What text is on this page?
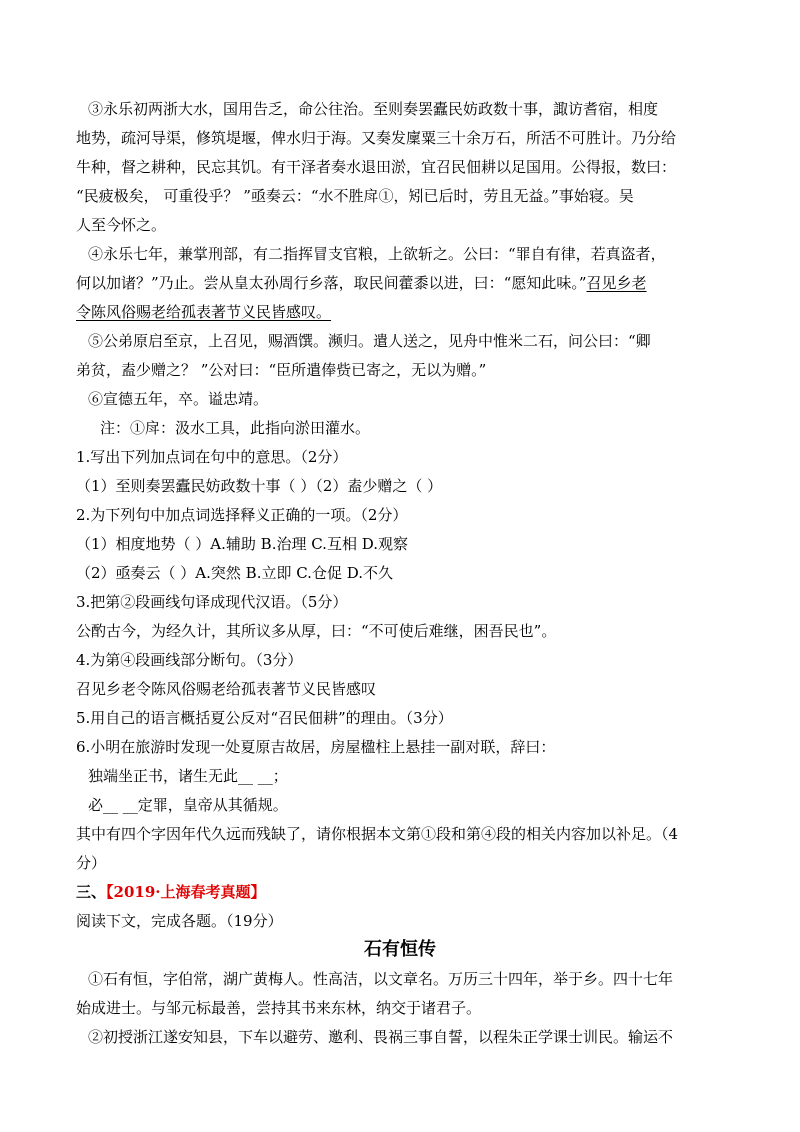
③永乐初两浙大水，国用告乏，命公往治。至则奏罢蠹民妨政数十事，諏访耆宿，相度
地势，疏河导渠，修筑堤堰，俾水归于海。又奏发廩粟三十余万石，所活不可胜计。乃分给
牛种，督之耕种，民忘其饥。有干泽者奏水退田淤，宜召民佃耕以足国用。公得报，数曰：
“民疲极矣， 可重役乎？ ”亟奏云：“水不胜戽①，矧已后时，劳且无益。”事始寝。吴
人至今怀之。
④永乐七年，兼掌刑部，有二指挥冒支官粮，上欲斩之。公曰：“罪自有律，若真盗者，
何以加诸？”乃止。尝从皇太孙周行乡落，取民间藿黍以进，曰：“愿知此味。”召见乡老
令陈风俗赐老给孤表著节义民皆感叹。
⑤公弟原启至京，上召见，赐酒馔。濒归。遣人送之，见舟中惟米二石，问公曰：“卿
弟贫，盍少赠之？ ”公对曰：“臣所遣俸赀已寄之，无以为赠。”
⑥宣德五年，卒。谥忠靖。
注：①戽：汲水工具，此指向淤田灌水。
1.写出下列加点词在句中的意思。（2分）
（1）至则奏罢蠹民妨政数十事（ ）（2）盍少赠之（ ）
2.为下列句中加点词选择释义正确的一项。（2分）
（1）相度地势（ ）A.辅助 B.治理 C.互相 D.观察
（2）亟奏云（ ）A.突然 B.立即 C.仓促 D.不久
3.把第②段画线句译成现代汉语。（5分）
公酌古今，为经久计，其所议多从厚，曰：“不可使后难继，困吾民也”。
4.为第④段画线部分断句。（3分）
召见乡老令陈风俗赐老给孤表著节义民皆感叹
5.用自己的语言概括夏公反对“召民佃耕”的理由。（3分）
6.小明在旅游时发现一处夏原吉故居，房屋楹柱上悬挂一副对联，辞曰：
独端坐正书，诸生无此__ __；
必__ __定罪，皇帝从其循规。
其中有四个字因年代久远而残缺了，请你根据本文第①段和第④段的相关内容加以补足。（4
分）
三、【2019·上海春考真题】
阅读下文，完成各题。（19分）
石有恒传
①石有恒，字伯常，湖广黄梅人。性高洁，以文章名。万历三十四年，举于乡。四十七年
始成进士。与邹元标最善，尝持其书来东林，纳交于诸君子。
②初授浙江遂安知县，下车以避劳、邀利、畏祸三事自誓，以程朱正学课士训民。输运不
